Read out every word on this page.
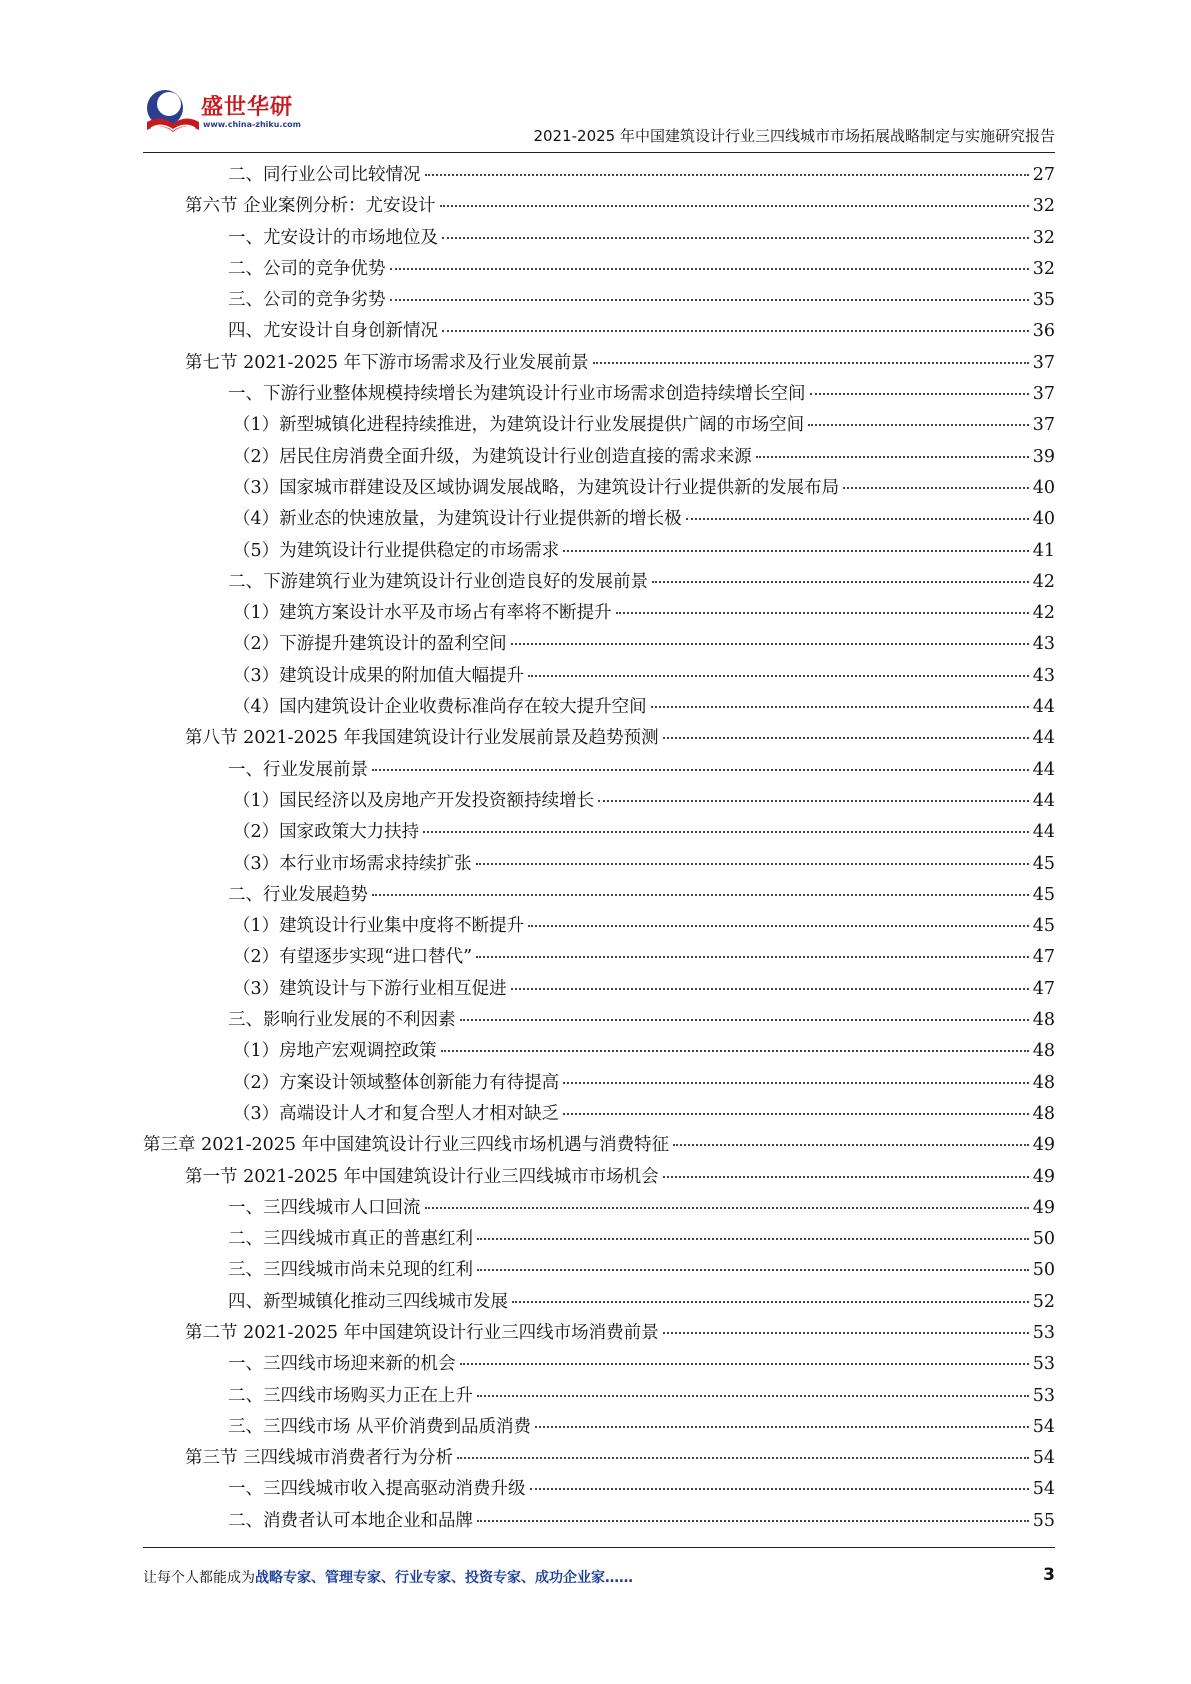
盛世华研
www.china-zhiku.com
2021-2025 年中国建筑设计行业三四线城市市场拓展战略制定与实施研究报告
二、同行业公司比较情况	27
第六节 企业案例分析：尤安设计	32
一、尤安设计的市场地位及	32
二、公司的竞争优势	32
三、公司的竞争劣势	35
四、尤安设计自身创新情况	36
第七节 2021-2025 年下游市场需求及行业发展前景	37
一、下游行业整体规模持续增长为建筑设计行业市场需求创造持续增长空间	37
（1）新型城镇化进程持续推进，为建筑设计行业发展提供广阔的市场空间	37
（2）居民住房消费全面升级，为建筑设计行业创造直接的需求来源	39
（3）国家城市群建设及区域协调发展战略，为建筑设计行业提供新的发展布局	40
（4）新业态的快速放量，为建筑设计行业提供新的增长极	40
（5）为建筑设计行业提供稳定的市场需求	41
二、下游建筑行业为建筑设计行业创造良好的发展前景	42
（1）建筑方案设计水平及市场占有率将不断提升	42
（2）下游提升建筑设计的盈利空间	43
（3）建筑设计成果的附加值大幅提升	43
（4）国内建筑设计企业收费标准尚存在较大提升空间	44
第八节 2021-2025 年我国建筑设计行业发展前景及趋势预测	44
一、行业发展前景	44
（1）国民经济以及房地产开发投资额持续增长	44
（2）国家政策大力扶持	44
（3）本行业市场需求持续扩张	45
二、行业发展趋势	45
（1）建筑设计行业集中度将不断提升	45
（2）有望逐步实现“进口替代”	47
（3）建筑设计与下游行业相互促进	47
三、影响行业发展的不利因素	48
（1）房地产宏观调控政策	48
（2）方案设计领域整体创新能力有待提高	48
（3）高端设计人才和复合型人才相对缺乏	48
第三章 2021-2025 年中国建筑设计行业三四线市场机遇与消费特征	49
第一节 2021-2025 年中国建筑设计行业三四线城市市场机会	49
一、三四线城市人口回流	49
二、三四线城市真正的普惠红利	50
三、三四线城市尚未兑现的红利	50
四、新型城镇化推动三四线城市发展	52
第二节 2021-2025 年中国建筑设计行业三四线市场消费前景	53
一、三四线市场迎来新的机会	53
二、三四线市场购买力正在上升	53
三、三四线市场 从平价消费到品质消费	54
第三节 三四线城市消费者行为分析	54
一、三四线城市收入提高驱动消费升级	54
二、消费者认可本地企业和品牌	55
让每个人都能成为战略专家、管理专家、行业专家、投资专家、成功企业家……	3
